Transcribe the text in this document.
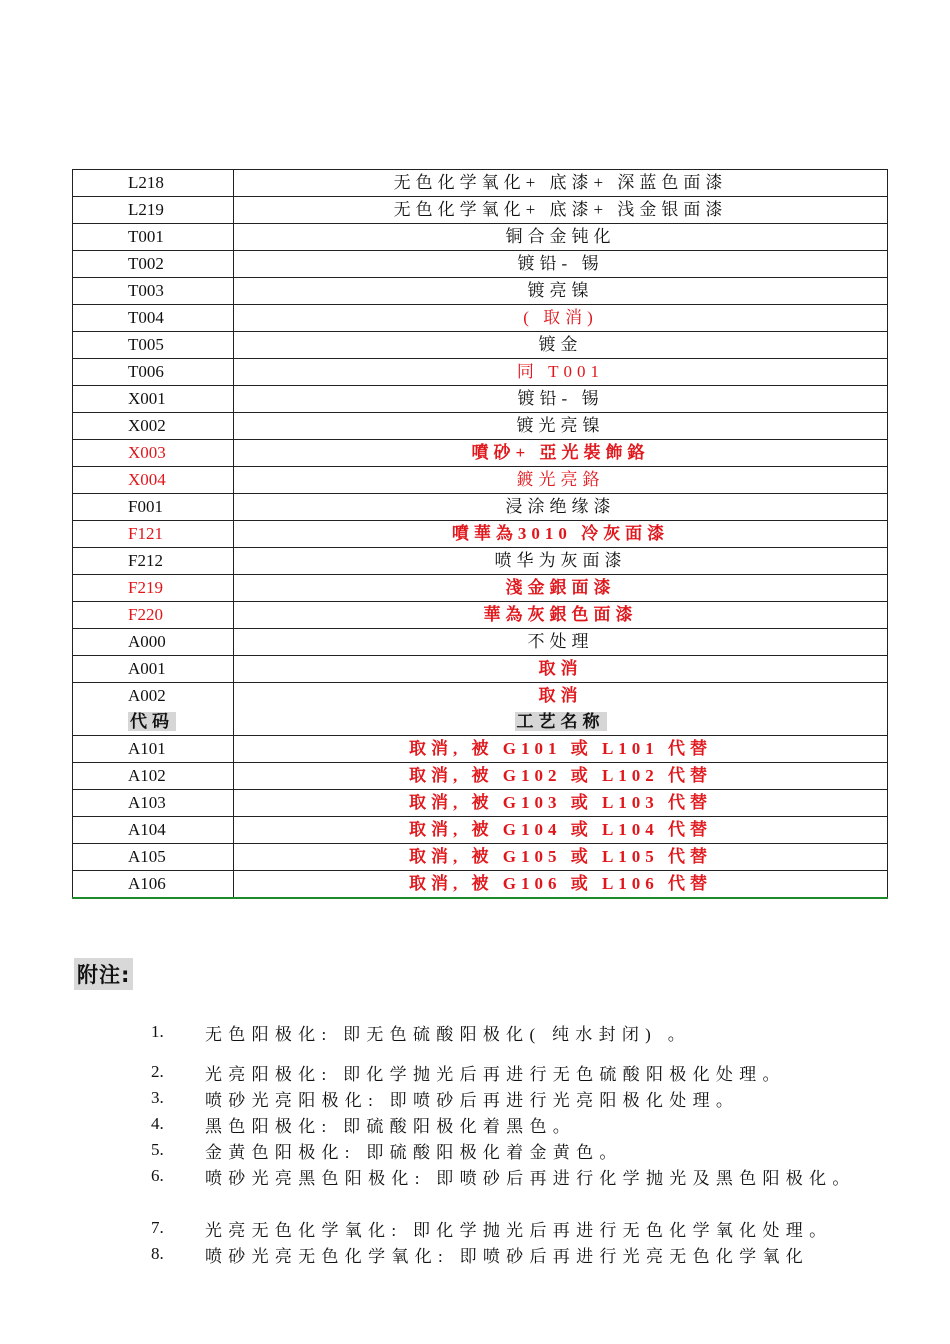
L218	无色化学氧化+ 底漆+ 深蓝色面漆
L219	无色化学氧化+ 底漆+ 浅金银面漆
T001	铜合金钝化
T002	镀铅- 锡
T003	镀亮镍
T004	( 取消)
T005	镀金
T006	同 T001
X001	镀铅- 锡
X002	镀光亮镍
X003	噴砂+ 亞光裝飾鉻
X004	鍍光亮鉻
F001	浸涂绝缘漆
F121	噴華為3010 冷灰面漆
F212	喷华为灰面漆
F219	淺金銀面漆
F220	華為灰銀色面漆
A000	不处理
A001	取消
A002	取消
代码	工艺名称
A101	取消, 被 G101 或 L101 代替
A102	取消, 被 G102 或 L102 代替
A103	取消, 被 G103 或 L103 代替
A104	取消, 被 G104 或 L104 代替
A105	取消, 被 G105 或 L105 代替
A106	取消, 被 G106 或 L106 代替
附注:
1.	无色阳极化: 即无色硫酸阳极化( 纯水封闭) 。
2.	光亮阳极化: 即化学抛光后再进行无色硫酸阳极化处理。
3.	喷砂光亮阳极化: 即喷砂后再进行光亮阳极化处理。
4.	黑色阳极化: 即硫酸阳极化着黑色。
5.	金黄色阳极化: 即硫酸阳极化着金黄色。
6.	喷砂光亮黑色阳极化: 即喷砂后再进行化学抛光及黑色阳极化。
7.	光亮无色化学氧化: 即化学抛光后再进行无色化学氧化处理。
8.	喷砂光亮无色化学氧化: 即喷砂后再进行光亮无色化学氧化
